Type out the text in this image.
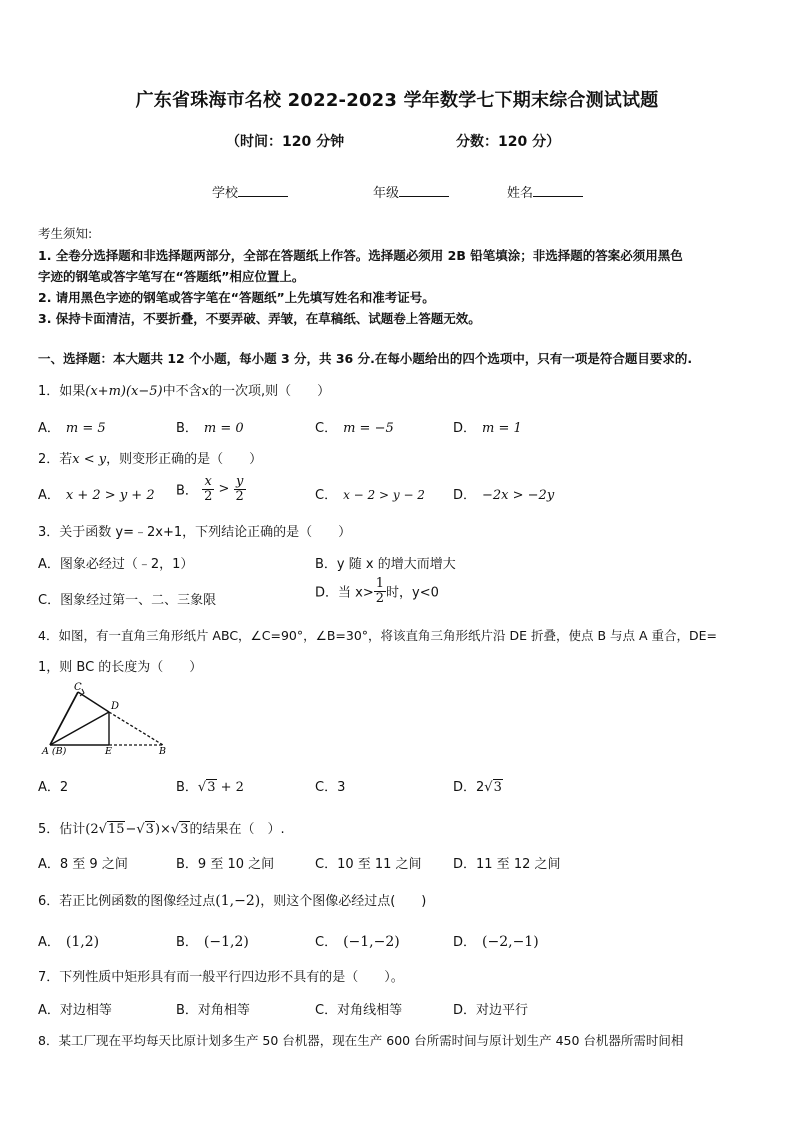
广东省珠海市名校 2022-2023 学年数学七下期末综合测试试题
（时间：120 分钟	分数：120 分）
学校	年级	姓名
考生须知:
1. 全卷分选择题和非选择题两部分，全部在答题纸上作答。选择题必须用 2B 铅笔填涂；非选择题的答案必须用黑色
字迹的钢笔或答字笔写在“答题纸”相应位置上。
2. 请用黑色字迹的钢笔或答字笔在“答题纸”上先填写姓名和准考证号。
3. 保持卡面清洁，不要折叠，不要弄破、弄皱，在草稿纸、试题卷上答题无效。
一、选择题：本大题共 12 个小题，每小题 3 分，共 36 分.在每小题给出的四个选项中，只有一项是符合题目要求的.
1．如果(x+m)(x−5)中不含x的一次项,则（　　）
A． m = 5	B． m = 0	C． m = −5	D． m = 1
2．若x < y，则变形正确的是（　　）
A． x + 2 > y + 2 B． $\frac{x}{2} > \frac{y}{2}$	C． x − 2 > y − 2 D． −2x > −2y
3．关于函数 y=﹣2x+1，下列结论正确的是（　　）
A．图象必经过（﹣2，1）	B．y 随 x 的增大而增大
C．图象经过第一、二、三象限	D．当 $x> \frac{1}{2}$ 时，y<0
4．如图，有一直角三角形纸片 ABC，∠C=90°，∠B=30°，将该直角三角形纸片沿 DE 折叠，使点 B 与点 A 重合，DE=
1，则 BC 的长度为（　　）
C
D
A (B)	E	B
A．2	B．√3 + 2	C．3	D．2√3
5．估计(2√15−√3)×√3的结果在（　）.
A．8 至 9 之间	B．9 至 10 之间	C．10 至 11 之间 D．11 至 12 之间
6．若正比例函数的图像经过点(1,−2)，则这个图像必经过点(　　)
A． (1,2)	B． (−1,2)	C． (−1,−2)	D． (−2,−1)
7．下列性质中矩形具有而一般平行四边形不具有的是（　　）。
A．对边相等	B．对角相等	C．对角线相等	D．对边平行
8．某工厂现在平均每天比原计划多生产 50 台机器，现在生产 600 台所需时间与原计划生产 450 台机器所需时间相
